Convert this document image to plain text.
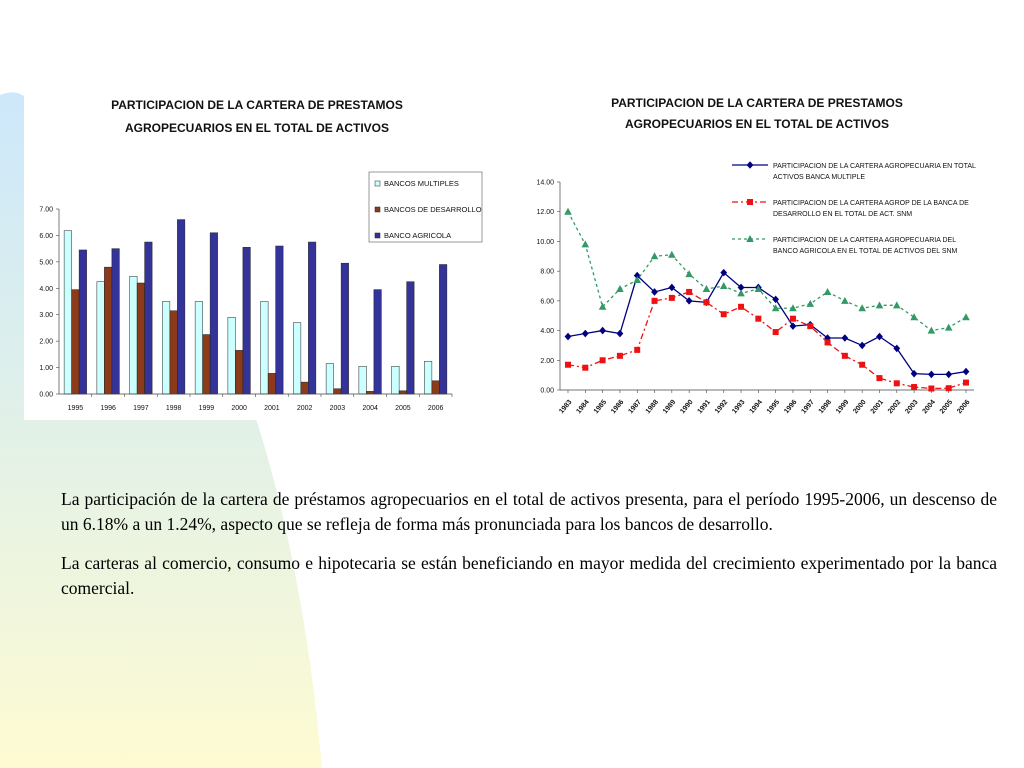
PARTICIPACION DE LA CARTERA DE PRESTAMOS
AGROPECUARIOS EN EL TOTAL DE ACTIVOS
0.00
1.00
2.00
3.00
4.00
5.00
6.00
7.00
1995 1996 1997 1998 1999 2000 2001 2002 2003 2004 2005 2006
BANCOS MULTIPLES
BANCOS DE DESARROLLO
BANCO AGRICOLA
PARTICIPACION DE LA CARTERA DE PRESTAMOS
AGROPECUARIOS EN EL TOTAL DE ACTIVOS
0.00
2.00
4.00
6.00
8.00
10.00
12.00
14.00
1983 1984 1985 1986 1987 1988 1989 1990 1991 1992 1993 1994 1995 1996 1997 1998 1999 2000 2001 2002 2003 2004 2005 2006
PARTICIPACION DE LA CARTERA AGROPECUARIA EN TOTAL
ACTIVOS BANCA MULTIPLE
PARTICIPACION DE LA CARTERA AGROP DE LA BANCA DE
DESARROLLO EN EL TOTAL DE ACT. SNM
PARTICIPACION DE LA CARTERA AGROPECUARIA DEL
BANCO AGRICOLA EN EL TOTAL DE ACTIVOS DEL SNM

La participación de la cartera de préstamos agropecuarios en el total de activos presenta, para el período 1995-2006, un descenso de un 6.18% a un 1.24%, aspecto que se refleja de forma más pronunciada para los bancos de desarrollo.

La carteras al comercio, consumo e hipotecaria se están beneficiando en mayor medida del crecimiento experimentado por la banca comercial.
